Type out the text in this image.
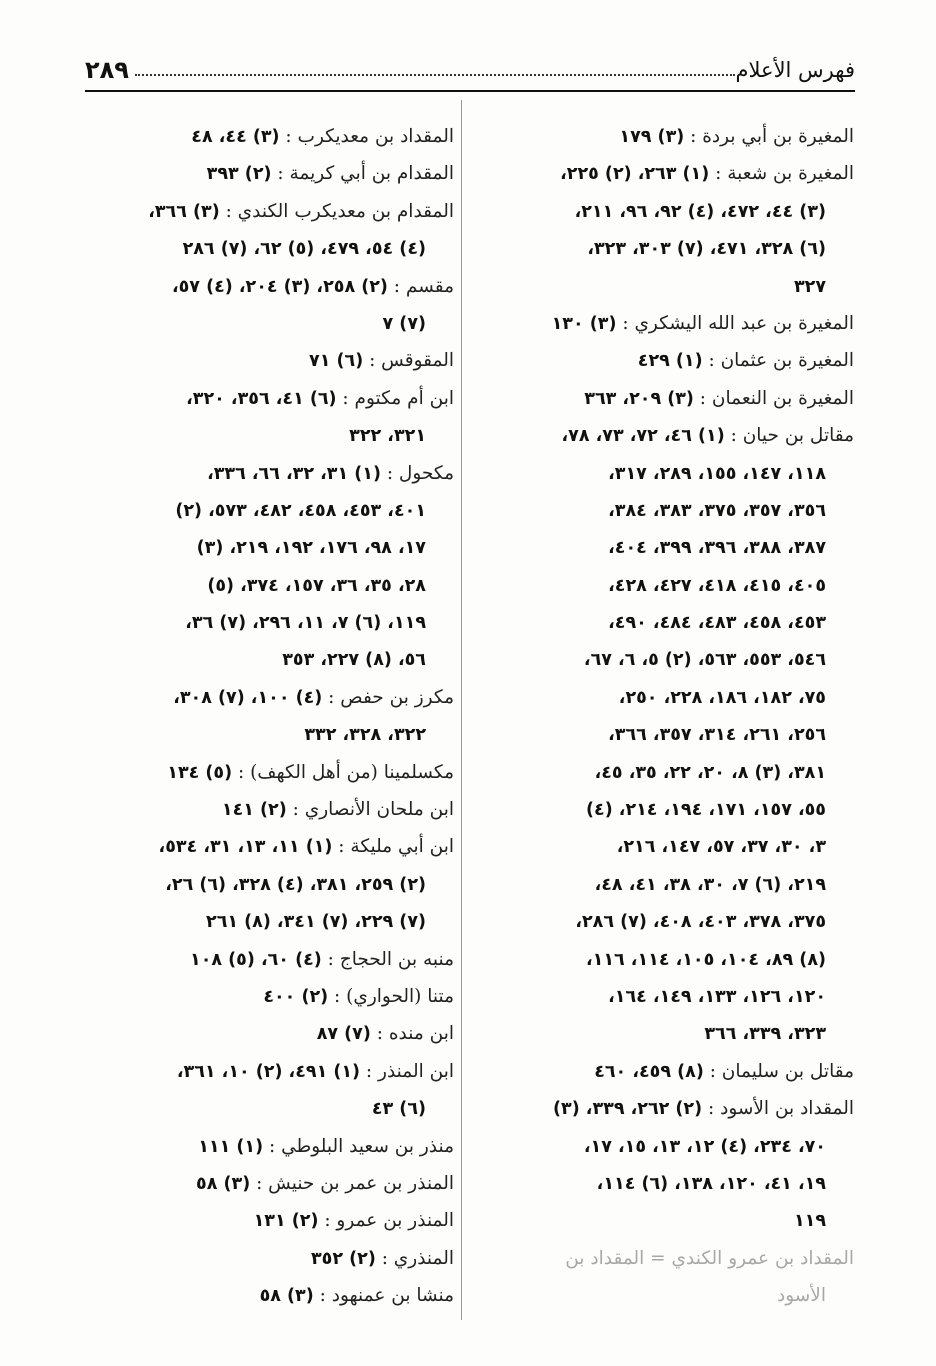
٢٨٩	فهرس الأعلام
المغيرة بن أبي بردة : (٣) ١٧٩
المغيرة بن شعبة : (١) ٢٦٣، (٢) ٢٢٥،
(٣) ٤٤، ٤٧٢، (٤) ٩٢، ٩٦، ٢١١،
(٦) ٣٢٨، ٤٧١، (٧) ٣٠٣، ٣٢٣،
٣٢٧
المغيرة بن عبد الله اليشكري : (٣) ١٣٠
المغيرة بن عثمان : (١) ٤٢٩
المغيرة بن النعمان : (٣) ٢٠٩، ٣٦٣
مقاتل بن حيان : (١) ٤٦، ٧٢، ٧٣، ٧٨،
١١٨، ١٤٧، ١٥٥، ٢٨٩، ٣١٧،
٣٥٦، ٣٥٧، ٣٧٥، ٣٨٣، ٣٨٤،
٣٨٧، ٣٨٨، ٣٩٦، ٣٩٩، ٤٠٤،
٤٠٥، ٤١٥، ٤١٨، ٤٢٧، ٤٢٨،
٤٥٣، ٤٥٨، ٤٨٣، ٤٨٤، ٤٩٠،
٥٤٦، ٥٥٣، ٥٦٣، (٢) ٥، ٦، ٦٧،
٧٥، ١٨٢، ١٨٦، ٢٢٨، ٢٥٠،
٢٥٦، ٢٦١، ٣١٤، ٣٥٧، ٣٦٦،
٣٨١، (٣) ٨، ٢٠، ٢٢، ٣٥، ٤٥،
٥٥، ١٥٧، ١٧١، ١٩٤، ٢١٤، (٤)
٣، ٣٠، ٣٧، ٥٧، ١٤٧، ٢١٦،
٢١٩، (٦) ٧، ٣٠، ٣٨، ٤١، ٤٨،
٣٧٥، ٣٧٨، ٤٠٣، ٤٠٨، (٧) ٢٨٦،
(٨) ٨٩، ١٠٤، ١٠٥، ١١٤، ١١٦،
١٢٠، ١٢٦، ١٣٣، ١٤٩، ١٦٤،
٣٢٣، ٣٣٩، ٣٦٦
مقاتل بن سليمان : (٨) ٤٥٩، ٤٦٠
المقداد بن الأسود : (٢) ٢٦٢، ٣٣٩، (٣)
٧٠، ٢٣٤، (٤) ١٢، ١٣، ١٥، ١٧،
١٩، ٤١، ١٢٠، ١٣٨، (٦) ١١٤،
١١٩
المقداد بن عمرو الكندي = المقداد بن
الأسود
المقداد بن معديكرب : (٣) ٤٤، ٤٨
المقدام بن أبي كريمة : (٢) ٣٩٣
المقدام بن معديكرب الكندي : (٣) ٣٦٦،
(٤) ٥٤، ٤٧٩، (٥) ٦٢، (٧) ٢٨٦
مقسم : (٢) ٢٥٨، (٣) ٢٠٤، (٤) ٥٧،
(٧) ٧
المقوقس : (٦) ٧١
ابن أم مكتوم : (٦) ٤١، ٣٥٦، ٣٢٠،
٣٢١، ٣٢٢
مكحول : (١) ٣١، ٣٢، ٦٦، ٣٣٦،
٤٠١، ٤٥٣، ٤٥٨، ٤٨٢، ٥٧٣، (٢)
١٧، ٩٨، ١٧٦، ١٩٢، ٢١٩، (٣)
٢٨، ٣٥، ٣٦، ١٥٧، ٣٧٤، (٥)
١١٩، (٦) ٧، ١١، ٢٩٦، (٧) ٣٦،
٥٦، (٨) ٢٢٧، ٣٥٣
مكرز بن حفص : (٤) ١٠٠، (٧) ٣٠٨،
٣٢٢، ٣٢٨، ٣٣٢
مكسلمينا (من أهل الكهف) : (٥) ١٣٤
ابن ملحان الأنصاري : (٢) ١٤١
ابن أبي مليكة : (١) ١١، ١٣، ٣١، ٥٣٤،
(٢) ٢٥٩، ٣٨١، (٤) ٣٢٨، (٦) ٢٦،
(٧) ٢٢٩، (٧) ٣٤١، (٨) ٢٦١
منبه بن الحجاج : (٤) ٦٠، (٥) ١٠٨
متنا (الحواري) : (٢) ٤٠٠
ابن منده : (٧) ٨٧
ابن المنذر : (١) ٤٩١، (٢) ١٠، ٣٦١،
(٦) ٤٣
منذر بن سعيد البلوطي : (١) ١١١
المنذر بن عمر بن حنيش : (٣) ٥٨
المنذر بن عمرو : (٢) ١٣١
المنذري : (٢) ٣٥٢
منشا بن عمنهود : (٣) ٥٨
